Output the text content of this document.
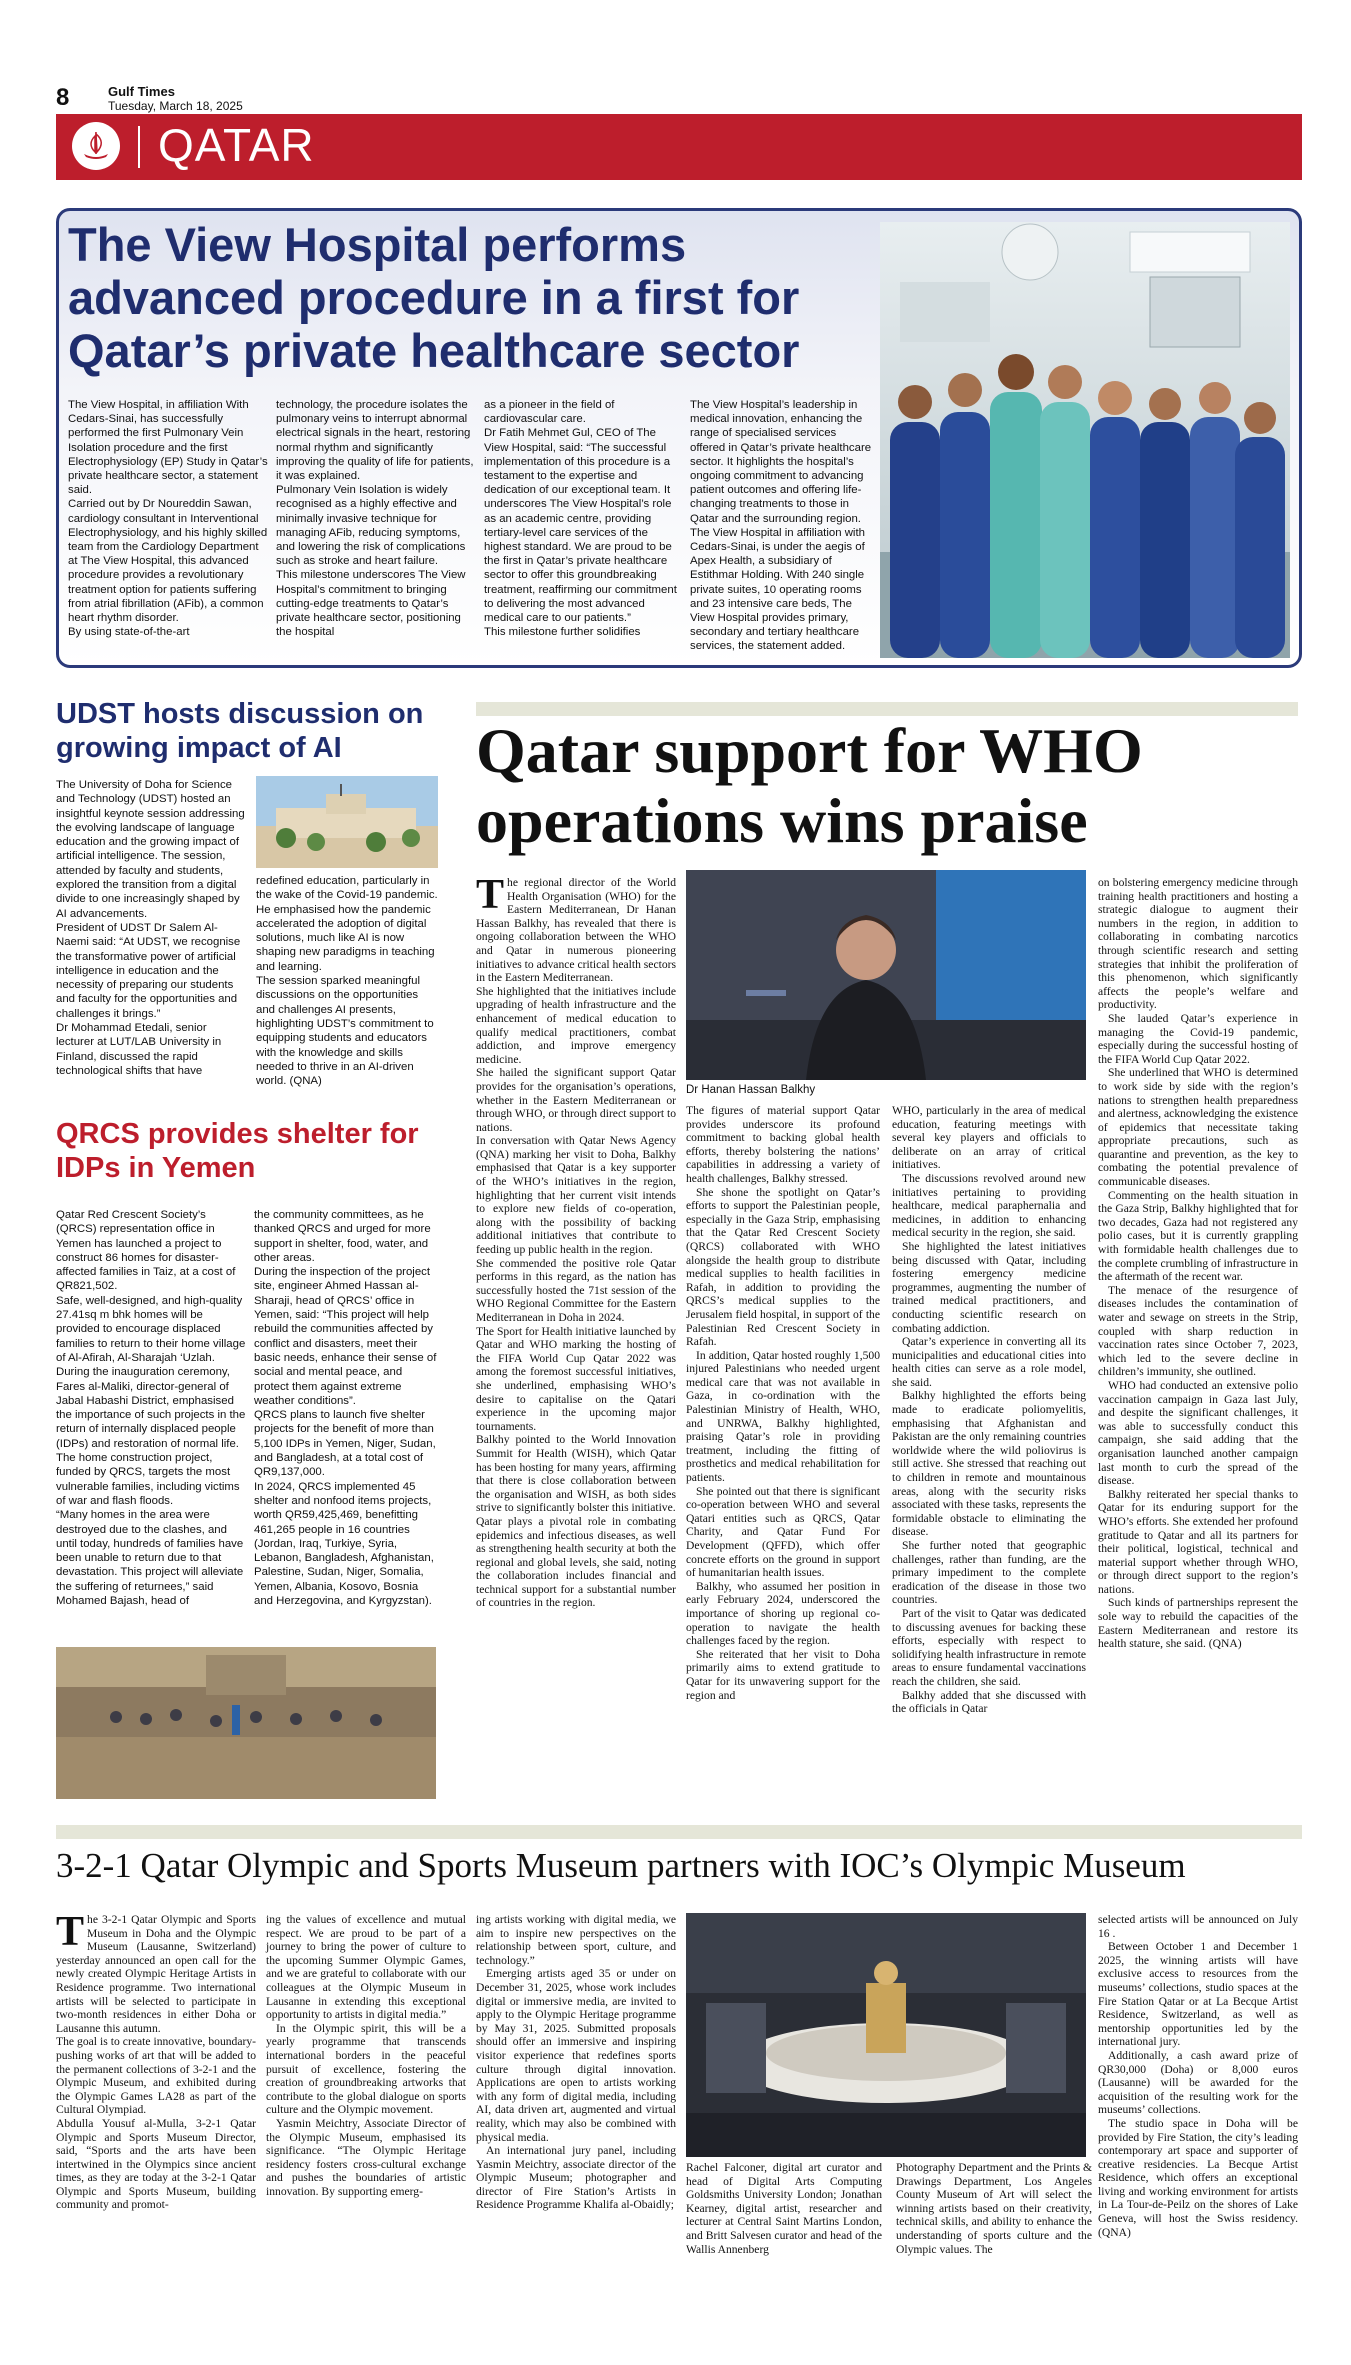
8	Gulf Times
Tuesday, March 18, 2025
QATAR
The View Hospital performs advanced procedure in a first for Qatar’s private healthcare sector

The View Hospital, in affiliation With Cedars-Sinai, has successfully performed the first Pulmonary Vein Isolation procedure and the first Electrophysiology (EP) Study in Qatar’s private healthcare sector, a statement said.

Carried out by Dr Noureddin Sawan, cardiology consultant in Interventional Electrophysiology, and his highly skilled team from the Cardiology Department at The View Hospital, this advanced procedure provides a revolutionary treatment option for patients suffering from atrial fibrillation (AFib), a common heart rhythm disorder.

By using state-of-the-art

technology, the procedure isolates the pulmonary veins to interrupt abnormal electrical signals in the heart, restoring normal rhythm and significantly improving the quality of life for patients, it was explained.

Pulmonary Vein Isolation is widely recognised as a highly effective and minimally invasive technique for managing AFib, reducing symptoms, and lowering the risk of complications such as stroke and heart failure.

This milestone underscores The View Hospital’s commitment to bringing cutting-edge treatments to Qatar’s private healthcare sector, positioning the hospital

as a pioneer in the field of cardiovascular care.

Dr Fatih Mehmet Gul, CEO of The View Hospital, said: “The successful implementation of this procedure is a testament to the expertise and dedication of our exceptional team. It underscores The View Hospital’s role as an academic centre, providing tertiary-level care services of the highest standard. We are proud to be the first in Qatar’s private healthcare sector to offer this groundbreaking treatment, reaffirming our commitment to delivering the most advanced medical care to our patients.”

This milestone further solidifies

The View Hospital’s leadership in medical innovation, enhancing the range of specialised services offered in Qatar’s private healthcare sector. It highlights the hospital’s ongoing commitment to advancing patient outcomes and offering life-changing treatments to those in Qatar and the surrounding region.

The View Hospital in affiliation with Cedars-Sinai, is under the aegis of Apex Health, a subsidiary of Estithmar Holding. With 240 single private suites, 10 operating rooms and 23 intensive care beds, The View Hospital provides primary, secondary and tertiary healthcare services, the statement added.

UDST hosts discussion on growing impact of AI

The University of Doha for Science and Technology (UDST) hosted an insightful keynote session addressing the evolving landscape of language education and the growing impact of artificial intelligence. The session, attended by faculty and students, explored the transition from a digital divide to one increasingly shaped by AI advancements.

President of UDST Dr Salem Al-Naemi said: “At UDST, we recognise the transformative power of artificial intelligence in education and the necessity of preparing our students and faculty for the opportunities and challenges it brings.”

Dr Mohammad Etedali, senior lecturer at LUT/LAB University in Finland, discussed the rapid technological shifts that have

redefined education, particularly in the wake of the Covid-19 pandemic. He emphasised how the pandemic accelerated the adoption of digital solutions, much like AI is now shaping new paradigms in teaching and learning.

The session sparked meaningful discussions on the opportunities and challenges AI presents, highlighting UDST’s commitment to equipping students and educators with the knowledge and skills needed to thrive in an AI-driven world. (QNA)

QRCS provides shelter for IDPs in Yemen

Qatar Red Crescent Society’s (QRCS) representation office in Yemen has launched a project to construct 86 homes for disaster-affected families in Taiz, at a cost of QR821,502.

Safe, well-designed, and high-quality 27.41sq m bhk homes will be provided to encourage displaced families to return to their home village of Al-Afirah, Al-Sharajah ‘Uzlah.

During the inauguration ceremony, Fares al-Maliki, director-general of Jabal Habashi District, emphasised the importance of such projects in the return of internally displaced people (IDPs) and restoration of normal life.

The home construction project, funded by QRCS, targets the most vulnerable families, including victims of war and flash floods.

“Many homes in the area were destroyed due to the clashes, and until today, hundreds of families have been unable to return due to that devastation. This project will alleviate the suffering of returnees,” said Mohamed Bajash, head of

the community committees, as he thanked QRCS and urged for more support in shelter, food, water, and other areas.

During the inspection of the project site, engineer Ahmed Hassan al-Sharaji, head of QRCS’ office in Yemen, said: “This project will help rebuild the communities affected by conflict and disasters, meet their basic needs, enhance their sense of social and mental peace, and protect them against extreme weather conditions”.

QRCS plans to launch five shelter projects for the benefit of more than 5,100 IDPs in Yemen, Niger, Sudan, and Bangladesh, at a total cost of QR9,137,000.

In 2024, QRCS implemented 45 shelter and nonfood items projects, worth QR59,425,469, benefitting 461,265 people in 16 countries (Jordan, Iraq, Turkiye, Syria, Lebanon, Bangladesh, Afghanistan, Palestine, Sudan, Niger, Somalia, Yemen, Albania, Kosovo, Bosnia and Herzegovina, and Kyrgyzstan).

Qatar support for WHO operations wins praise
T he regional director of the World Health Organisation (WHO) for the Eastern Mediterranean, Dr Hanan Hassan Balkhy, has revealed that there is ongoing collaboration between the WHO and Qatar in numerous pioneering initiatives to advance critical health sectors in the Eastern Mediterranean.

She highlighted that the initiatives include upgrading of health infrastructure and the enhancement of medical education to qualify medical practitioners, combat addiction, and improve emergency medicine.

She hailed the significant support Qatar provides for the organisation’s operations, whether in the Eastern Mediterranean or through WHO, or through direct support to nations.

In conversation with Qatar News Agency (QNA) marking her visit to Doha, Balkhy emphasised that Qatar is a key supporter of the WHO’s initiatives in the region, highlighting that her current visit intends to explore new fields of co-operation, along with the possibility of backing additional initiatives that contribute to feeding up public health in the region.

She commended the positive role Qatar performs in this regard, as the nation has successfully hosted the 71st session of the WHO Regional Committee for the Eastern Mediterranean in Doha in 2024.

The Sport for Health initiative launched by Qatar and WHO marking the hosting of the FIFA World Cup Qatar 2022 was among the foremost successful initiatives, she underlined, emphasising WHO’s desire to capitalise on the Qatari experience in the upcoming major tournaments.

Balkhy pointed to the World Innovation Summit for Health (WISH), which Qatar has been hosting for many years, affirming that there is close collaboration between the organisation and WISH, as both sides strive to significantly bolster this initiative.

Qatar plays a pivotal role in combating epidemics and infectious diseases, as well as strengthening health security at both the regional and global levels, she said, noting the collaboration includes financial and technical support for a substantial number of countries in the region.

Dr Hanan Hassan Balkhy

The figures of material support Qatar provides underscore its profound commitment to backing global health efforts, thereby bolstering the nations’ capabilities in addressing a variety of health challenges, Balkhy stressed.

She shone the spotlight on Qatar’s efforts to support the Palestinian people, especially in the Gaza Strip, emphasising that the Qatar Red Crescent Society (QRCS) collaborated with WHO alongside the health group to distribute medical supplies to health facilities in Rafah, in addition to providing the QRCS’s medical supplies to the Jerusalem field hospital, in support of the Palestinian Red Crescent Society in Rafah.

In addition, Qatar hosted roughly 1,500 injured Palestinians who needed urgent medical care that was not available in Gaza, in co-ordination with the Palestinian Ministry of Health, WHO, and UNRWA, Balkhy highlighted, praising Qatar’s role in providing treatment, including the fitting of prosthetics and medical rehabilitation for patients.

She pointed out that there is significant co-operation between WHO and several Qatari entities such as QRCS, Qatar Charity, and Qatar Fund For Development (QFFD), which offer concrete efforts on the ground in support of humanitarian health issues.

Balkhy, who assumed her position in early February 2024, underscored the importance of shoring up regional co-operation to navigate the health challenges faced by the region.

She reiterated that her visit to Doha primarily aims to extend gratitude to Qatar for its unwavering support for the region and

WHO, particularly in the area of medical education, featuring meetings with several key players and officials to deliberate on an array of critical initiatives.

The discussions revolved around new initiatives pertaining to providing healthcare, medical paraphernalia and medicines, in addition to enhancing medical security in the region, she said.

She highlighted the latest initiatives being discussed with Qatar, including fostering emergency medicine programmes, augmenting the number of trained medical practitioners, and conducting scientific research on combating addiction.

Qatar’s experience in converting all its municipalities and educational cities into health cities can serve as a role model, she said.

Balkhy highlighted the efforts being made to eradicate poliomyelitis, emphasising that Afghanistan and Pakistan are the only remaining countries worldwide where the wild poliovirus is still active. She stressed that reaching out to children in remote and mountainous areas, along with the security risks associated with these tasks, represents the formidable obstacle to eliminating the disease.

She further noted that geographic challenges, rather than funding, are the primary impediment to the complete eradication of the disease in those two countries.

Part of the visit to Qatar was dedicated to discussing avenues for backing these efforts, especially with respect to solidifying health infrastructure in remote areas to ensure fundamental vaccinations reach the children, she said.

Balkhy added that she discussed with the officials in Qatar

on bolstering emergency medicine through training health practitioners and hosting a strategic dialogue to augment their numbers in the region, in addition to collaborating in combating narcotics through scientific research and setting strategies that inhibit the proliferation of this phenomenon, which significantly affects the people’s welfare and productivity.

She lauded Qatar’s experience in managing the Covid-19 pandemic, especially during the successful hosting of the FIFA World Cup Qatar 2022.

She underlined that WHO is determined to work side by side with the region’s nations to strengthen health preparedness and alertness, acknowledging the existence of epidemics that necessitate taking appropriate precautions, such as quarantine and prevention, as the key to combating the potential prevalence of communicable diseases.

Commenting on the health situation in the Gaza Strip, Balkhy highlighted that for two decades, Gaza had not registered any polio cases, but it is currently grappling with formidable health challenges due to the complete crumbling of infrastructure in the aftermath of the recent war.

The menace of the resurgence of diseases includes the contamination of water and sewage on streets in the Strip, coupled with sharp reduction in vaccination rates since October 7, 2023, which led to the severe decline in children’s immunity, she outlined.

WHO had conducted an extensive polio vaccination campaign in Gaza last July, and despite the significant challenges, it was able to successfully conduct this campaign, she said adding that the organisation launched another campaign last month to curb the spread of the disease.

Balkhy reiterated her special thanks to Qatar for its enduring support for the WHO’s efforts. She extended her profound gratitude to Qatar and all its partners for their political, logistical, technical and material support whether through WHO, or through direct support to the region’s nations.

Such kinds of partnerships represent the sole way to rebuild the capacities of the Eastern Mediterranean and restore its health stature, she said. (QNA)

3-2-1 Qatar Olympic and Sports Museum partners with IOC’s Olympic Museum
T he 3-2-1 Qatar Olympic and Sports Museum in Doha and the Olympic Museum (Lausanne, Switzerland) yesterday announced an open call for the newly created Olympic Heritage Artists in Residence programme. Two international artists will be selected to participate in two-month residences in either Doha or Lausanne this autumn.

The goal is to create innovative, boundary-pushing works of art that will be added to the permanent collections of 3-2-1 and the Olympic Museum, and exhibited during the Olympic Games LA28 as part of the Cultural Olympiad.

Abdulla Yousuf al-Mulla, 3-2-1 Qatar Olympic and Sports Museum Director, said, “Sports and the arts have been intertwined in the Olympics since ancient times, as they are today at the 3-2-1 Qatar Olympic and Sports Museum, building community and promot-

ing the values of excellence and mutual respect. We are proud to be part of a journey to bring the power of culture to the upcoming Summer Olympic Games, and we are grateful to collaborate with our colleagues at the Olympic Museum in Lausanne in extending this exceptional opportunity to artists in digital media.”

In the Olympic spirit, this will be a yearly programme that transcends international borders in the peaceful pursuit of excellence, fostering the creation of groundbreaking artworks that contribute to the global dialogue on sports culture and the Olympic movement.

Yasmin Meichtry, Associate Director of the Olympic Museum, emphasised its significance. “The Olympic Heritage residency fosters cross-cultural exchange and pushes the boundaries of artistic innovation. By supporting emerg-

ing artists working with digital media, we aim to inspire new perspectives on the relationship between sport, culture, and technology.”

Emerging artists aged 35 or under on December 31, 2025, whose work includes digital or immersive media, are invited to apply to the Olympic Heritage programme by May 31, 2025. Submitted proposals should offer an immersive and inspiring visitor experience that redefines sports culture through digital innovation. Applications are open to artists working with any form of digital media, including AI, data driven art, augmented and virtual reality, which may also be combined with physical media.

An international jury panel, including Yasmin Meichtry, associate director of the Olympic Museum; photographer and director of Fire Station’s Artists in Residence Programme Khalifa al-Obaidly;

Rachel Falconer, digital art curator and head of Digital Arts Computing Goldsmiths University London; Jonathan Kearney, digital artist, researcher and lecturer at Central Saint Martins London, and Britt Salvesen curator and head of the Wallis Annenberg
Photography Department and the Prints & Drawings Department, Los Angeles County Museum of Art will select the winning artists based on their creativity, technical skills, and ability to enhance the understanding of sports culture and the Olympic values. The

selected artists will be announced on July 16 .

Between October 1 and December 1 2025, the winning artists will have exclusive access to resources from the museums’ collections, studio spaces at the Fire Station Qatar or at La Becque Artist Residence, Switzerland, as well as mentorship opportunities led by the international jury.

Additionally, a cash award prize of QR30,000 (Doha) or 8,000 euros (Lausanne) will be awarded for the acquisition of the resulting work for the museums’ collections.

The studio space in Doha will be provided by Fire Station, the city’s leading contemporary art space and supporter of creative residencies. La Becque Artist Residence, which offers an exceptional living and working environment for artists in La Tour-de-Peilz on the shores of Lake Geneva, will host the Swiss residency. (QNA)
